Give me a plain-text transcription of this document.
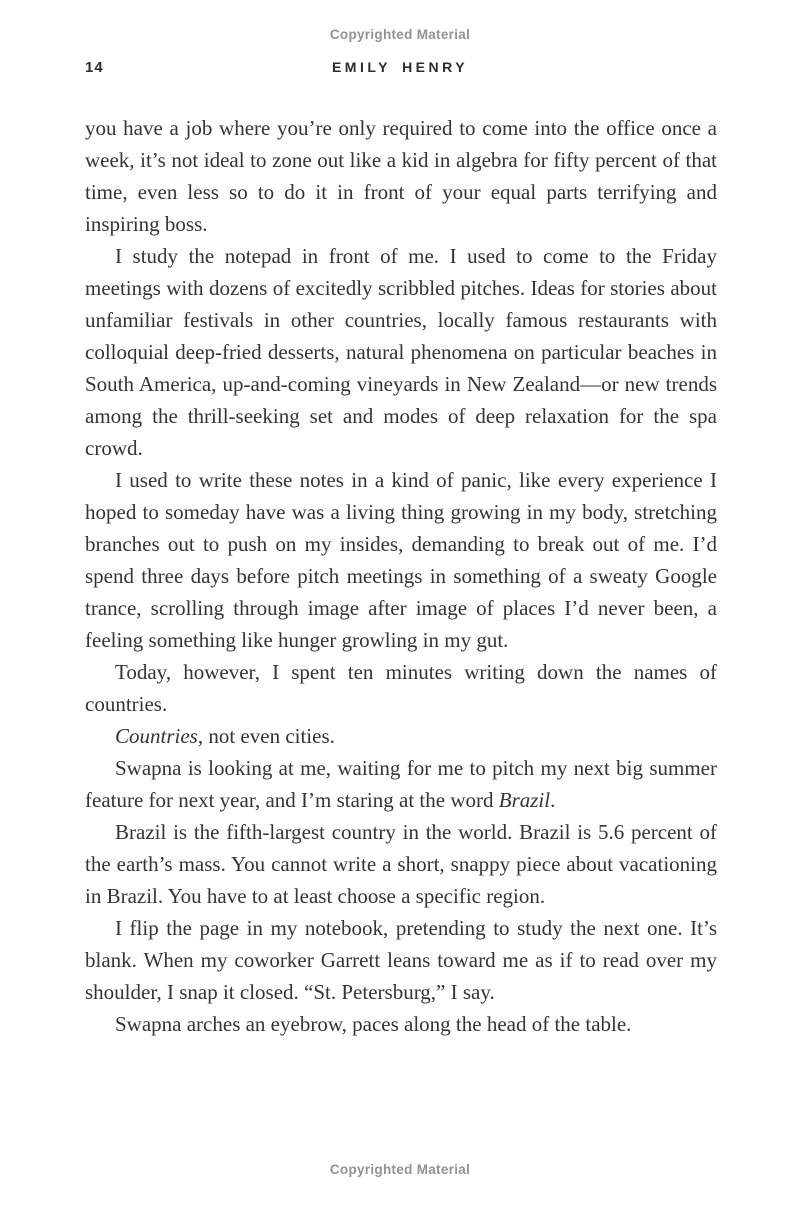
Copyrighted Material
14	EMILY HENRY

you have a job where you’re only required to come into the office once a week, it’s not ideal to zone out like a kid in algebra for fifty percent of that time, even less so to do it in front of your equal parts terrifying and inspiring boss.

I study the notepad in front of me. I used to come to the Friday meetings with dozens of excitedly scribbled pitches. Ideas for stories about unfamiliar festivals in other countries, locally famous restaurants with colloquial deep-fried desserts, natural phenomena on particular beaches in South America, up-and-coming vineyards in New Zealand—or new trends among the thrill-seeking set and modes of deep relaxation for the spa crowd.

I used to write these notes in a kind of panic, like every experience I hoped to someday have was a living thing growing in my body, stretching branches out to push on my insides, demanding to break out of me. I’d spend three days before pitch meetings in something of a sweaty Google trance, scrolling through image after image of places I’d never been, a feeling something like hunger growling in my gut.

Today, however, I spent ten minutes writing down the names of countries.

Countries, not even cities.

Swapna is looking at me, waiting for me to pitch my next big summer feature for next year, and I’m staring at the word Brazil.

Brazil is the fifth-largest country in the world. Brazil is 5.6 percent of the earth’s mass. You cannot write a short, snappy piece about vacationing in Brazil. You have to at least choose a specific region.

I flip the page in my notebook, pretending to study the next one. It’s blank. When my coworker Garrett leans toward me as if to read over my shoulder, I snap it closed. “St. Petersburg,” I say.

Swapna arches an eyebrow, paces along the head of the table.

Copyrighted Material
